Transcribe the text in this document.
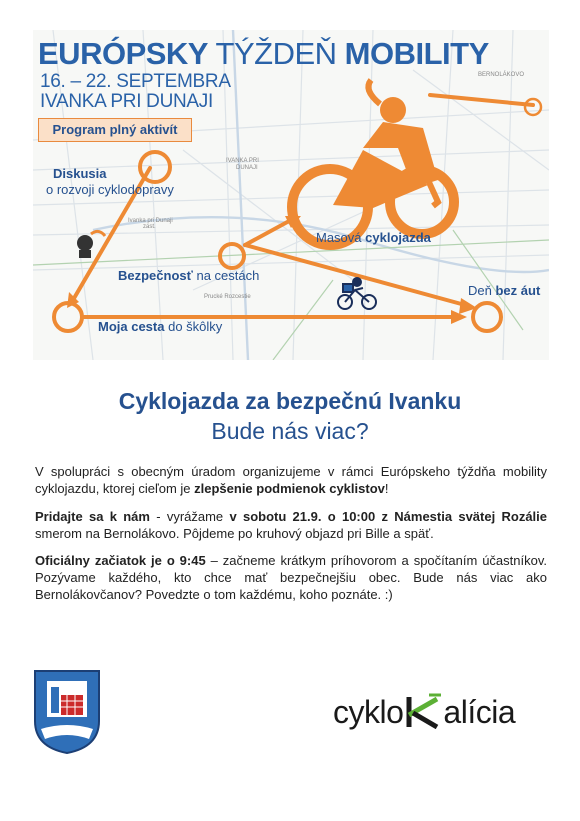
EURÓPSKY TÝŽDEŇ MOBILITY
16. – 22. SEPTEMBRA
IVANKA PRI DUNAJI
Program plný aktivít
BERNOLÁKOVO
IVANKA PRI
DUNAJI
Ivanka pri Dunaji
zast.
Prucké Rozcestie
Diskusia
o rozvoji cyklodopravy
Masová cyklojazda
Bezpečnosť na cestách
Deň bez áut
Moja cesta do škôlky
Cyklojazda za bezpečnú Ivanku
Bude nás viac?
V spolupráci s obecným úradom organizujeme v rámci Európskeho týždňa mobility cyklojazdu, ktorej cieľom je zlepšenie podmienok cyklistov!
Pridajte sa k nám - vyrážame v sobotu 21.9. o 10:00 z Námestia svätej Rozálie smerom na Bernolákovo. Pôjdeme po kruhový objazd pri Bille a späť.
Oficiálny začiatok je o 9:45 – začneme krátkym príhovorom a spočítaním účastníkov. Pozývame každého, kto chce mať bezpečnejšiu obec. Bude nás viac ako Bernolákovčanov? Povedzte o tom každému, koho poznáte. :)
cyklo alícia
